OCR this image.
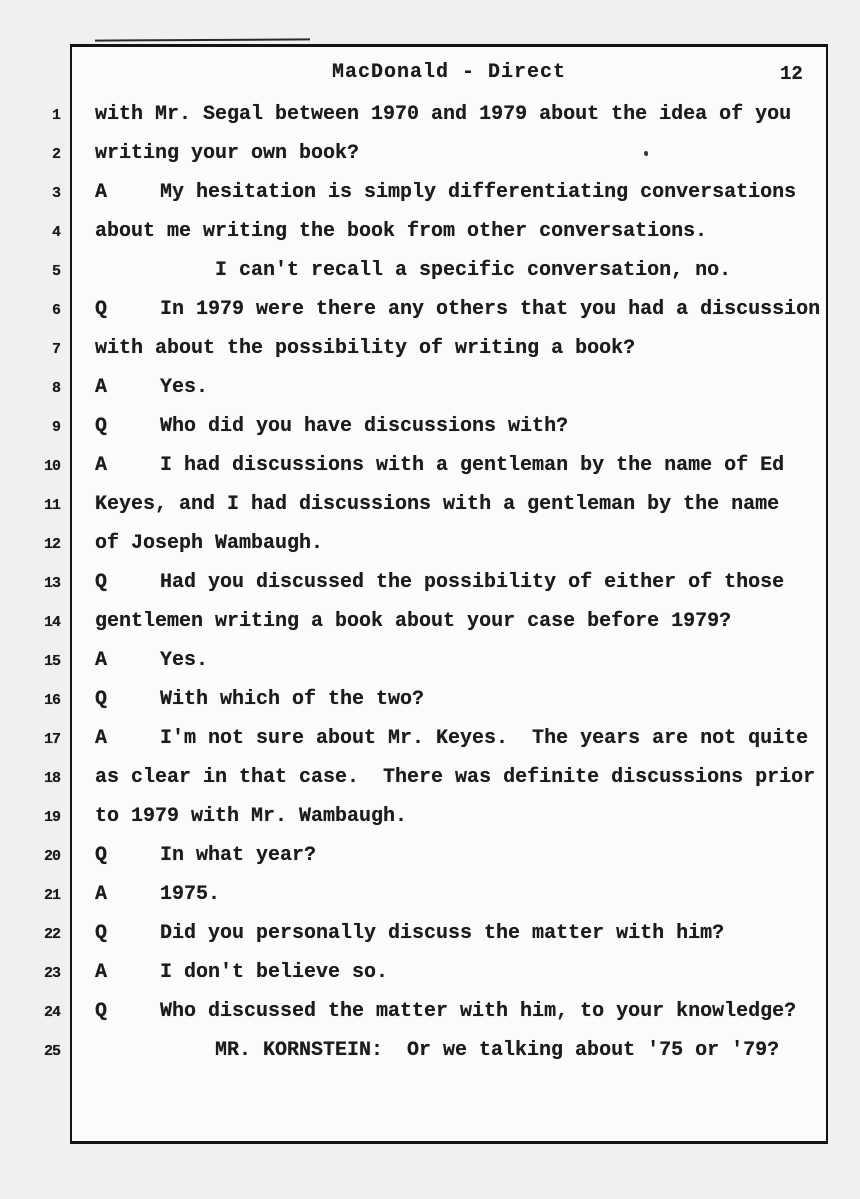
MacDonald - Direct	12
1 with Mr. Segal between 1970 and 1979 about the idea of you
2 writing your own book?
3 A	My hesitation is simply differentiating conversations
4 about me writing the book from other conversations.
5	I can't recall a specific conversation, no.
6 Q	In 1979 were there any others that you had a discussion
7 with about the possibility of writing a book?
8 A	Yes.
9 Q	Who did you have discussions with?
10 A	I had discussions with a gentleman by the name of Ed
11 Keyes, and I had discussions with a gentleman by the name
12 of Joseph Wambaugh.
13 Q	Had you discussed the possibility of either of those
14 gentlemen writing a book about your case before 1979?
15 A	Yes.
16 Q	With which of the two?
17 A	I'm not sure about Mr. Keyes.  The years are not quite
18 as clear in that case.  There was definite discussions prior
19 to 1979 with Mr. Wambaugh.
20 Q	In what year?
21 A	1975.
22 Q	Did you personally discuss the matter with him?
23 A	I don't believe so.
24 Q	Who discussed the matter with him, to your knowledge?
25	MR. KORNSTEIN:  Or we talking about '75 or '79?
